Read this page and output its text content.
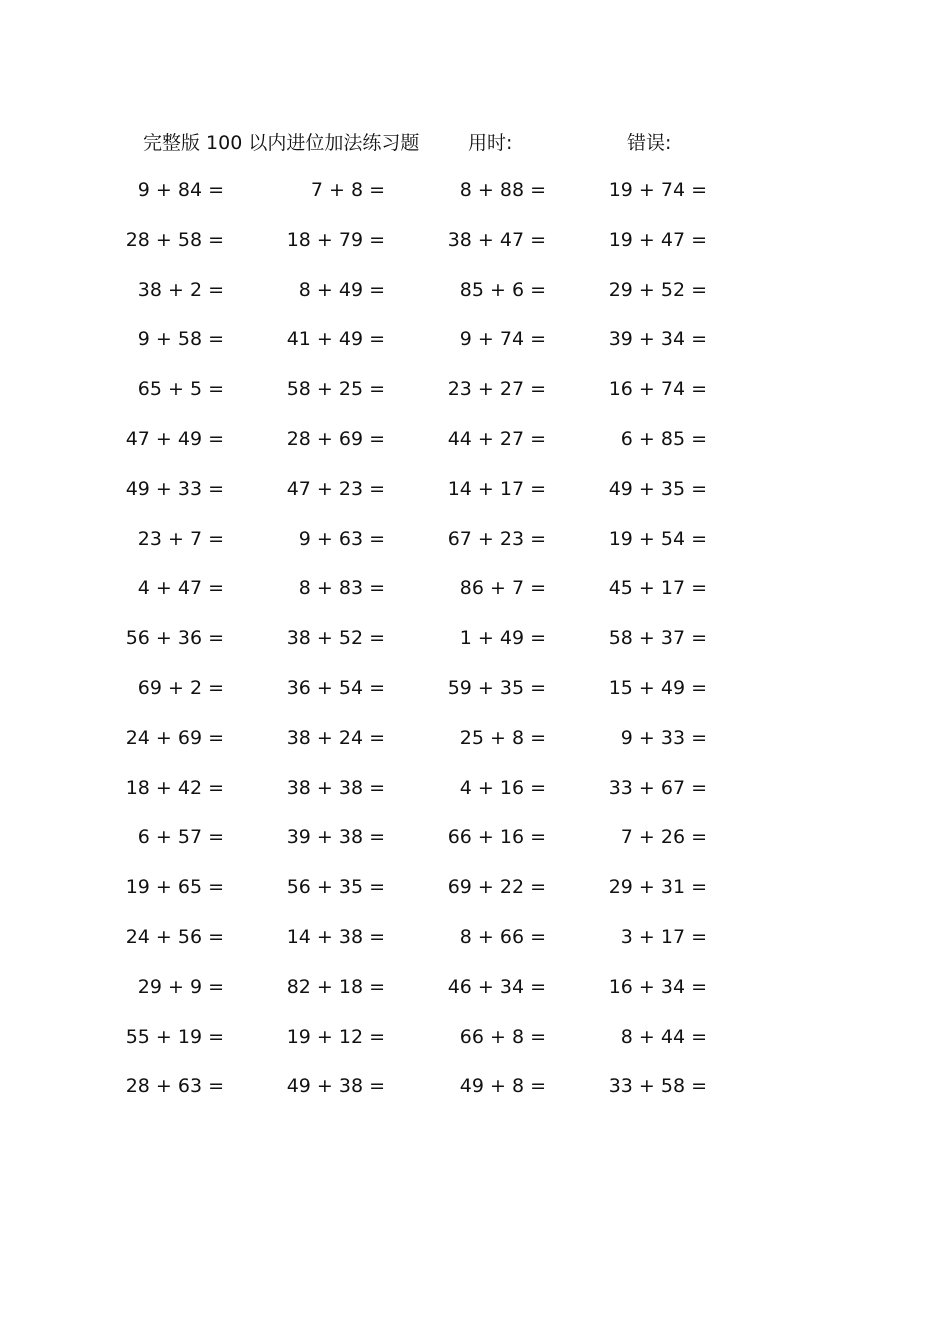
完整版 100 以内进位加法练习题	用时:	错误:
9 + 84 =	7 + 8 =	8 + 88 =	19 + 74 =
28 + 58 =	18 + 79 =	38 + 47 =	19 + 47 =
38 + 2 =	8 + 49 =	85 + 6 =	29 + 52 =
9 + 58 =	41 + 49 =	9 + 74 =	39 + 34 =
65 + 5 =	58 + 25 =	23 + 27 =	16 + 74 =
47 + 49 =	28 + 69 =	44 + 27 =	6 + 85 =
49 + 33 =	47 + 23 =	14 + 17 =	49 + 35 =
23 + 7 =	9 + 63 =	67 + 23 =	19 + 54 =
4 + 47 =	8 + 83 =	86 + 7 =	45 + 17 =
56 + 36 =	38 + 52 =	1 + 49 =	58 + 37 =
69 + 2 =	36 + 54 =	59 + 35 =	15 + 49 =
24 + 69 =	38 + 24 =	25 + 8 =	9 + 33 =
18 + 42 =	38 + 38 =	4 + 16 =	33 + 67 =
6 + 57 =	39 + 38 =	66 + 16 =	7 + 26 =
19 + 65 =	56 + 35 =	69 + 22 =	29 + 31 =
24 + 56 =	14 + 38 =	8 + 66 =	3 + 17 =
29 + 9 =	82 + 18 =	46 + 34 =	16 + 34 =
55 + 19 =	19 + 12 =	66 + 8 =	8 + 44 =
28 + 63 =	49 + 38 =	49 + 8 =	33 + 58 =
